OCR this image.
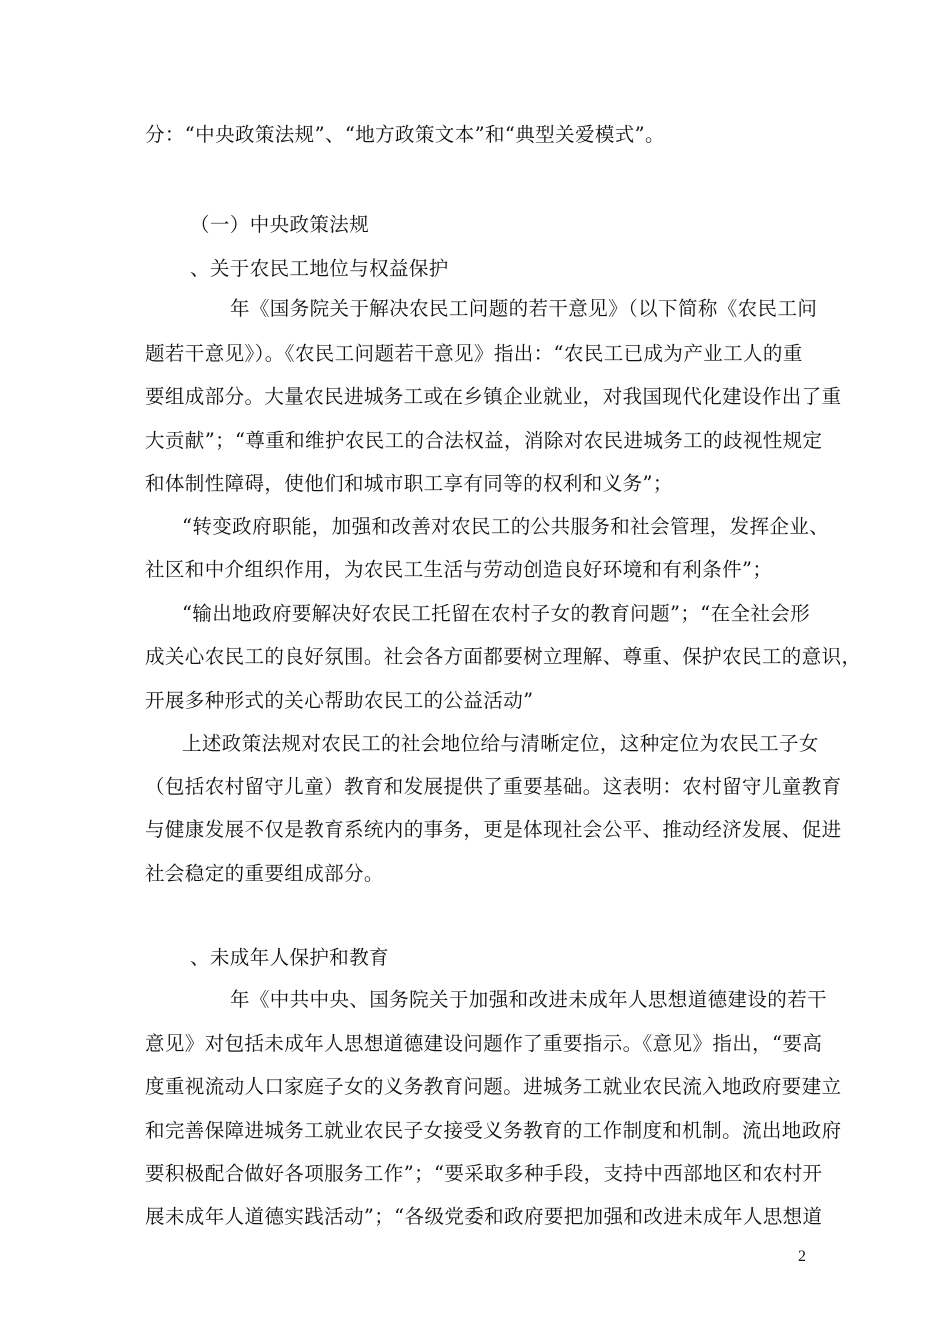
分：“中央政策法规”、“地方政策文本”和“典型关爱模式”。
（一）中央政策法规
、关于农民工地位与权益保护
年《国务院关于解决农民工问题的若干意见》（以下简称《农民工问
题若干意见》）。《农民工问题若干意见》指出：“农民工已成为产业工人的重
要组成部分。大量农民进城务工或在乡镇企业就业，对我国现代化建设作出了重
大贡献”；“尊重和维护农民工的合法权益，消除对农民进城务工的歧视性规定
和体制性障碍，使他们和城市职工享有同等的权利和义务”；
“转变政府职能，加强和改善对农民工的公共服务和社会管理，发挥企业、
社区和中介组织作用，为农民工生活与劳动创造良好环境和有利条件”；
“输出地政府要解决好农民工托留在农村子女的教育问题”；“在全社会形
成关心农民工的良好氛围。社会各方面都要树立理解、尊重、保护农民工的意识，
开展多种形式的关心帮助农民工的公益活动”
上述政策法规对农民工的社会地位给与清晰定位，这种定位为农民工子女
（包括农村留守儿童）教育和发展提供了重要基础。这表明：农村留守儿童教育
与健康发展不仅是教育系统内的事务，更是体现社会公平、推动经济发展、促进
社会稳定的重要组成部分。
、未成年人保护和教育
年《中共中央、国务院关于加强和改进未成年人思想道德建设的若干
意见》对包括未成年人思想道德建设问题作了重要指示。《意见》指出，“要高
度重视流动人口家庭子女的义务教育问题。进城务工就业农民流入地政府要建立
和完善保障进城务工就业农民子女接受义务教育的工作制度和机制。流出地政府
要积极配合做好各项服务工作”；“要采取多种手段，支持中西部地区和农村开
展未成年人道德实践活动”；“各级党委和政府要把加强和改进未成年人思想道
2
